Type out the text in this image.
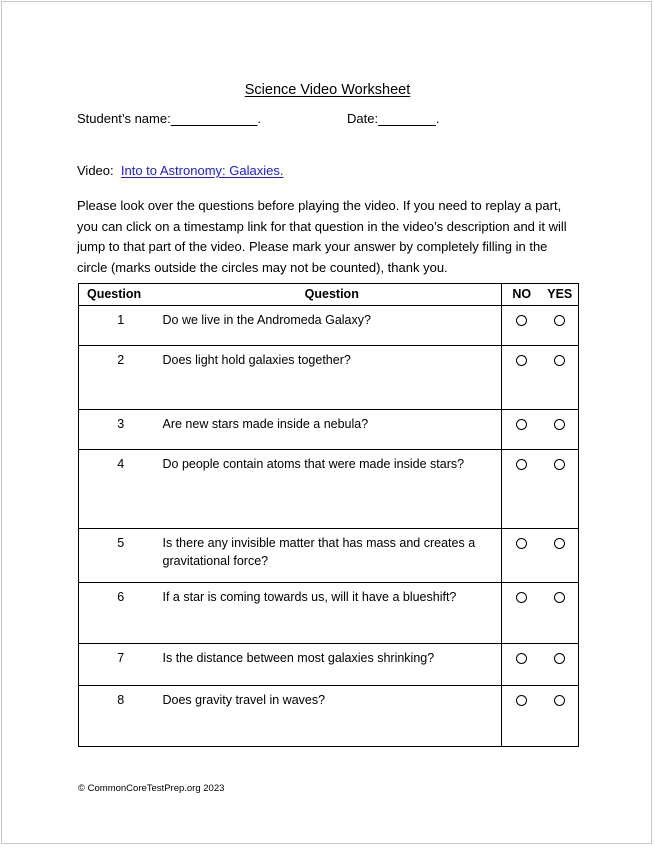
Science Video Worksheet
Student’s name:	.	Date:	.
Video:  Into to Astronomy: Galaxies.
Please look over the questions before playing the video. If you need to replay a part, you can click on a timestamp link for that question in the video’s description and it will jump to that part of the video. Please mark your answer by completely filling in the circle (marks outside the circles may not be counted), thank you.
Question	Question	NO	YES
1	Do we live in the Andromeda Galaxy?		
2	Does light hold galaxies together?		
3	Are new stars made inside a nebula?		
4	Do people contain atoms that were made inside stars?		
5	Is there any invisible matter that has mass and creates a gravitational force?		
6	If a star is coming towards us, will it have a blueshift?		
7	Is the distance between most galaxies shrinking?		
8	Does gravity travel in waves?		
© CommonCoreTestPrep.org 2023
